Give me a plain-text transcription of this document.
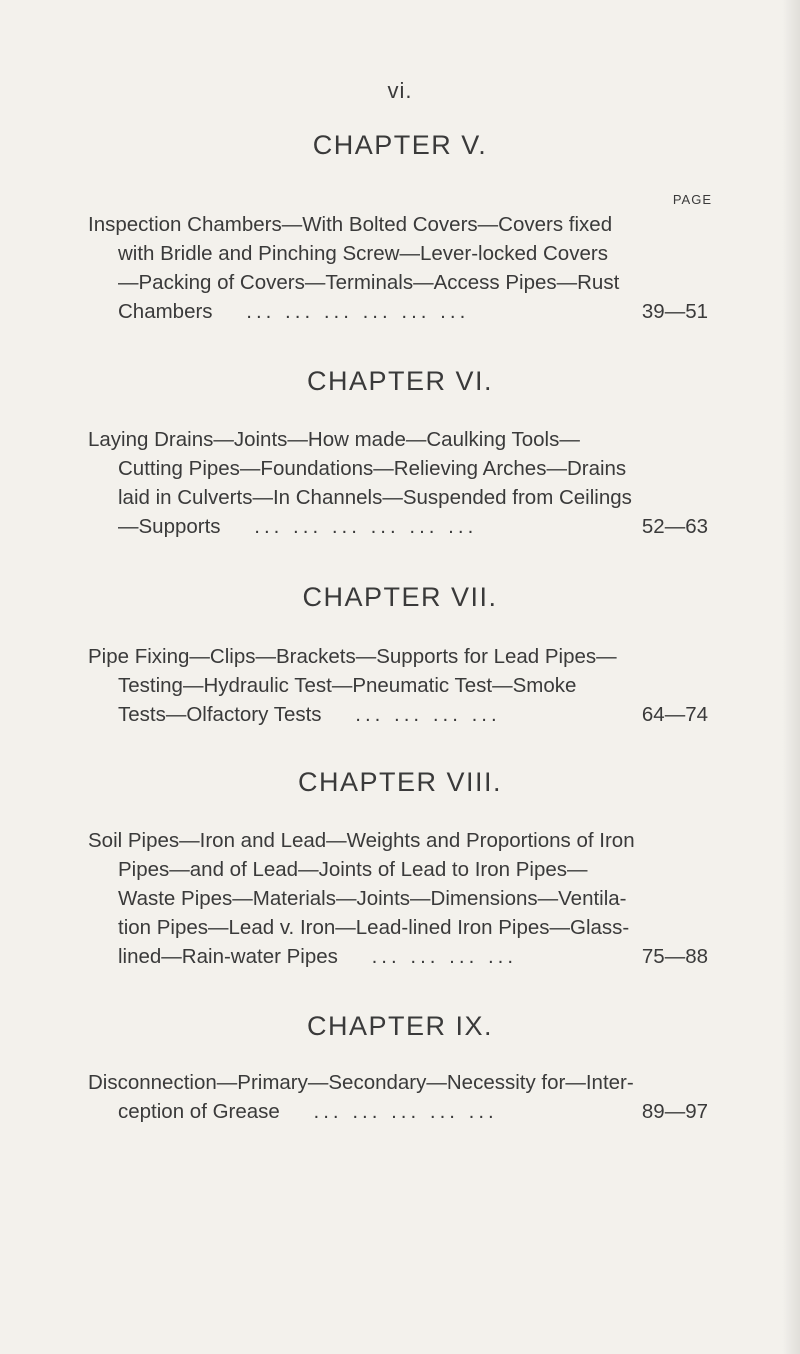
vi.
CHAPTER V.
PAGE
Inspection Chambers—With Bolted Covers—Covers fixed
with Bridle and Pinching Screw—Lever-locked Covers
—Packing of Covers—Terminals—Access Pipes—Rust
Chambers ... ... ... ... ... ...	39—51
CHAPTER VI.
Laying Drains—Joints—How made—Caulking Tools—
Cutting Pipes—Foundations—Relieving Arches—Drains
laid in Culverts—In Channels—Suspended from Ceilings
—Supports ... ... ... ... ... ...	52—63
CHAPTER VII.
Pipe Fixing—Clips—Brackets—Supports for Lead Pipes—
Testing—Hydraulic Test—Pneumatic Test—Smoke
Tests—Olfactory Tests ... ... ... ...	64—74
CHAPTER VIII.
Soil Pipes—Iron and Lead—Weights and Proportions of Iron
Pipes—and of Lead—Joints of Lead to Iron Pipes—
Waste Pipes—Materials—Joints—Dimensions—Ventila-
tion Pipes—Lead v. Iron—Lead-lined Iron Pipes—Glass-
lined—Rain-water Pipes ... ... ... ...	75—88
CHAPTER IX.
Disconnection—Primary—Secondary—Necessity for—Inter-
ception of Grease ... ... ... ... ...	89—97
